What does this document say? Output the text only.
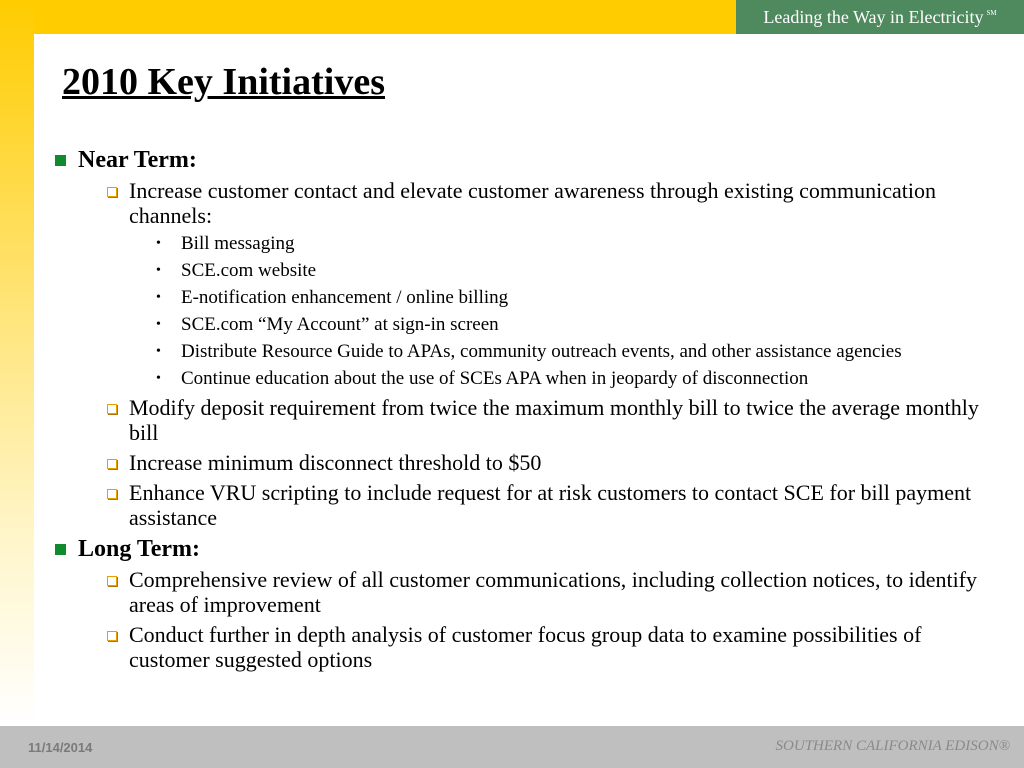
Leading the Way in Electricity ℠
2010 Key Initiatives
Near Term:
Increase customer contact and elevate customer awareness through existing communication channels:
• Bill messaging
• SCE.com website
• E-notification enhancement / online billing
• SCE.com “My Account” at sign-in screen
• Distribute Resource Guide to APAs, community outreach events, and other assistance agencies
• Continue education about the use of SCEs APA when in jeopardy of disconnection
Modify deposit requirement from twice the maximum monthly bill to twice the average monthly bill
Increase minimum disconnect threshold to $50
Enhance VRU scripting to include request for at risk customers to contact SCE for bill payment assistance
Long Term:
Comprehensive review of all customer communications, including collection notices, to identify areas of improvement
Conduct further in depth analysis of customer focus group data to examine possibilities of customer suggested options
11/14/2014	SOUTHERN CALIFORNIA EDISON®
